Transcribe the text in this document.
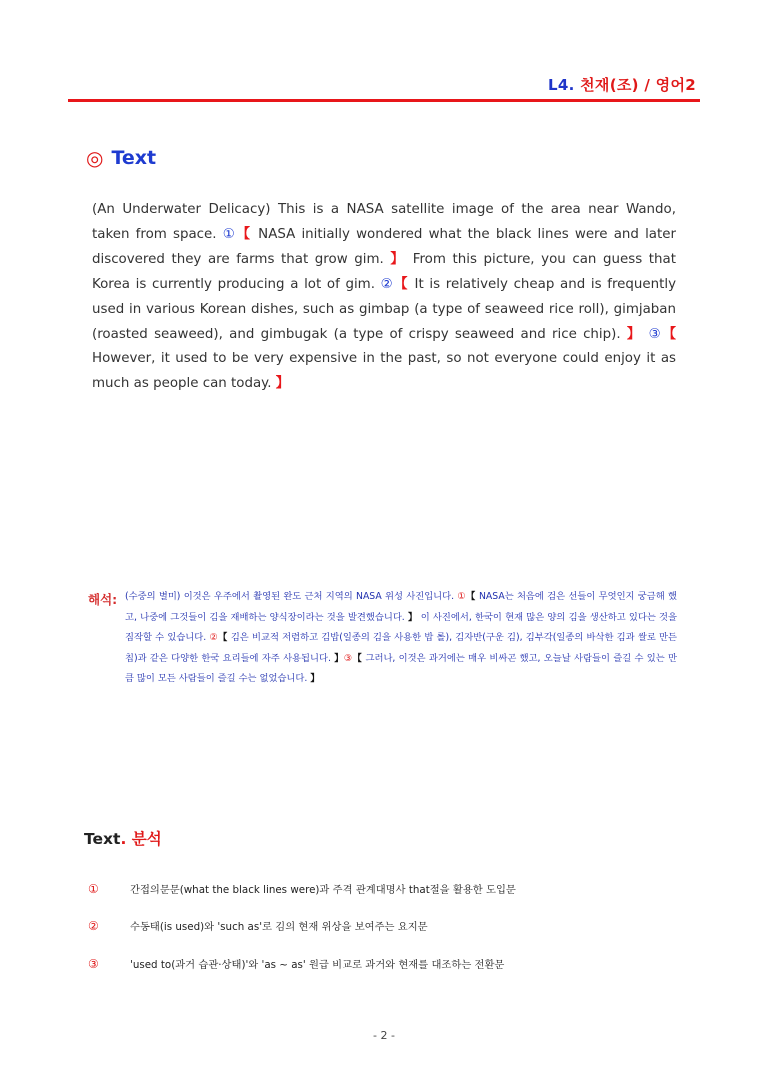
L4. 천재(조) / 영어2
◎ Text

(An Underwater Delicacy) This is a NASA satellite image of the area near Wando, taken from space. ①【 NASA initially wondered what the black lines were and later discovered they are farms that grow gim. 】 From this picture, you can guess that Korea is currently producing a lot of gim. ②【 It is relatively cheap and is frequently used in various Korean dishes, such as gimbap (a type of seaweed rice roll), gimjaban (roasted seaweed), and gimbugak (a type of crispy seaweed and rice chip). 】 ③【 However, it used to be very expensive in the past, so not everyone could enjoy it as much as people can today. 】

해석: (수중의 별미) 이것은 우주에서 촬영된 완도 근처 지역의 NASA 위성 사진입니다. ①【 NASA는 처음에 검은 선들이 무엇인지 궁금해 했고, 나중에 그것들이 김을 재배하는 양식장이라는 것을 발견했습니다. 】 이 사진에서, 한국이 현재 많은 양의 김을 생산하고 있다는 것을 짐작할 수 있습니다. ②【 김은 비교적 저렴하고 김밥(일종의 김을 사용한 밥 롤), 김자반(구운 김), 김부각(일종의 바삭한 김과 쌀로 만든 칩)과 같은 다양한 한국 요리들에 자주 사용됩니다. 】③【 그러나, 이것은 과거에는 매우 비싸곤 했고, 오늘날 사람들이 즐길 수 있는 만큼 많이 모든 사람들이 즐길 수는 없었습니다. 】

Text. 분석
①	간접의문문(what the black lines were)과 주격 관계대명사 that절을 활용한 도입문
②	수동태(is used)와 'such as'로 김의 현재 위상을 보여주는 요지문
③	'used to(과거 습관·상태)'와 'as ~ as' 원급 비교로 과거와 현재를 대조하는 전환문
- 2 -
